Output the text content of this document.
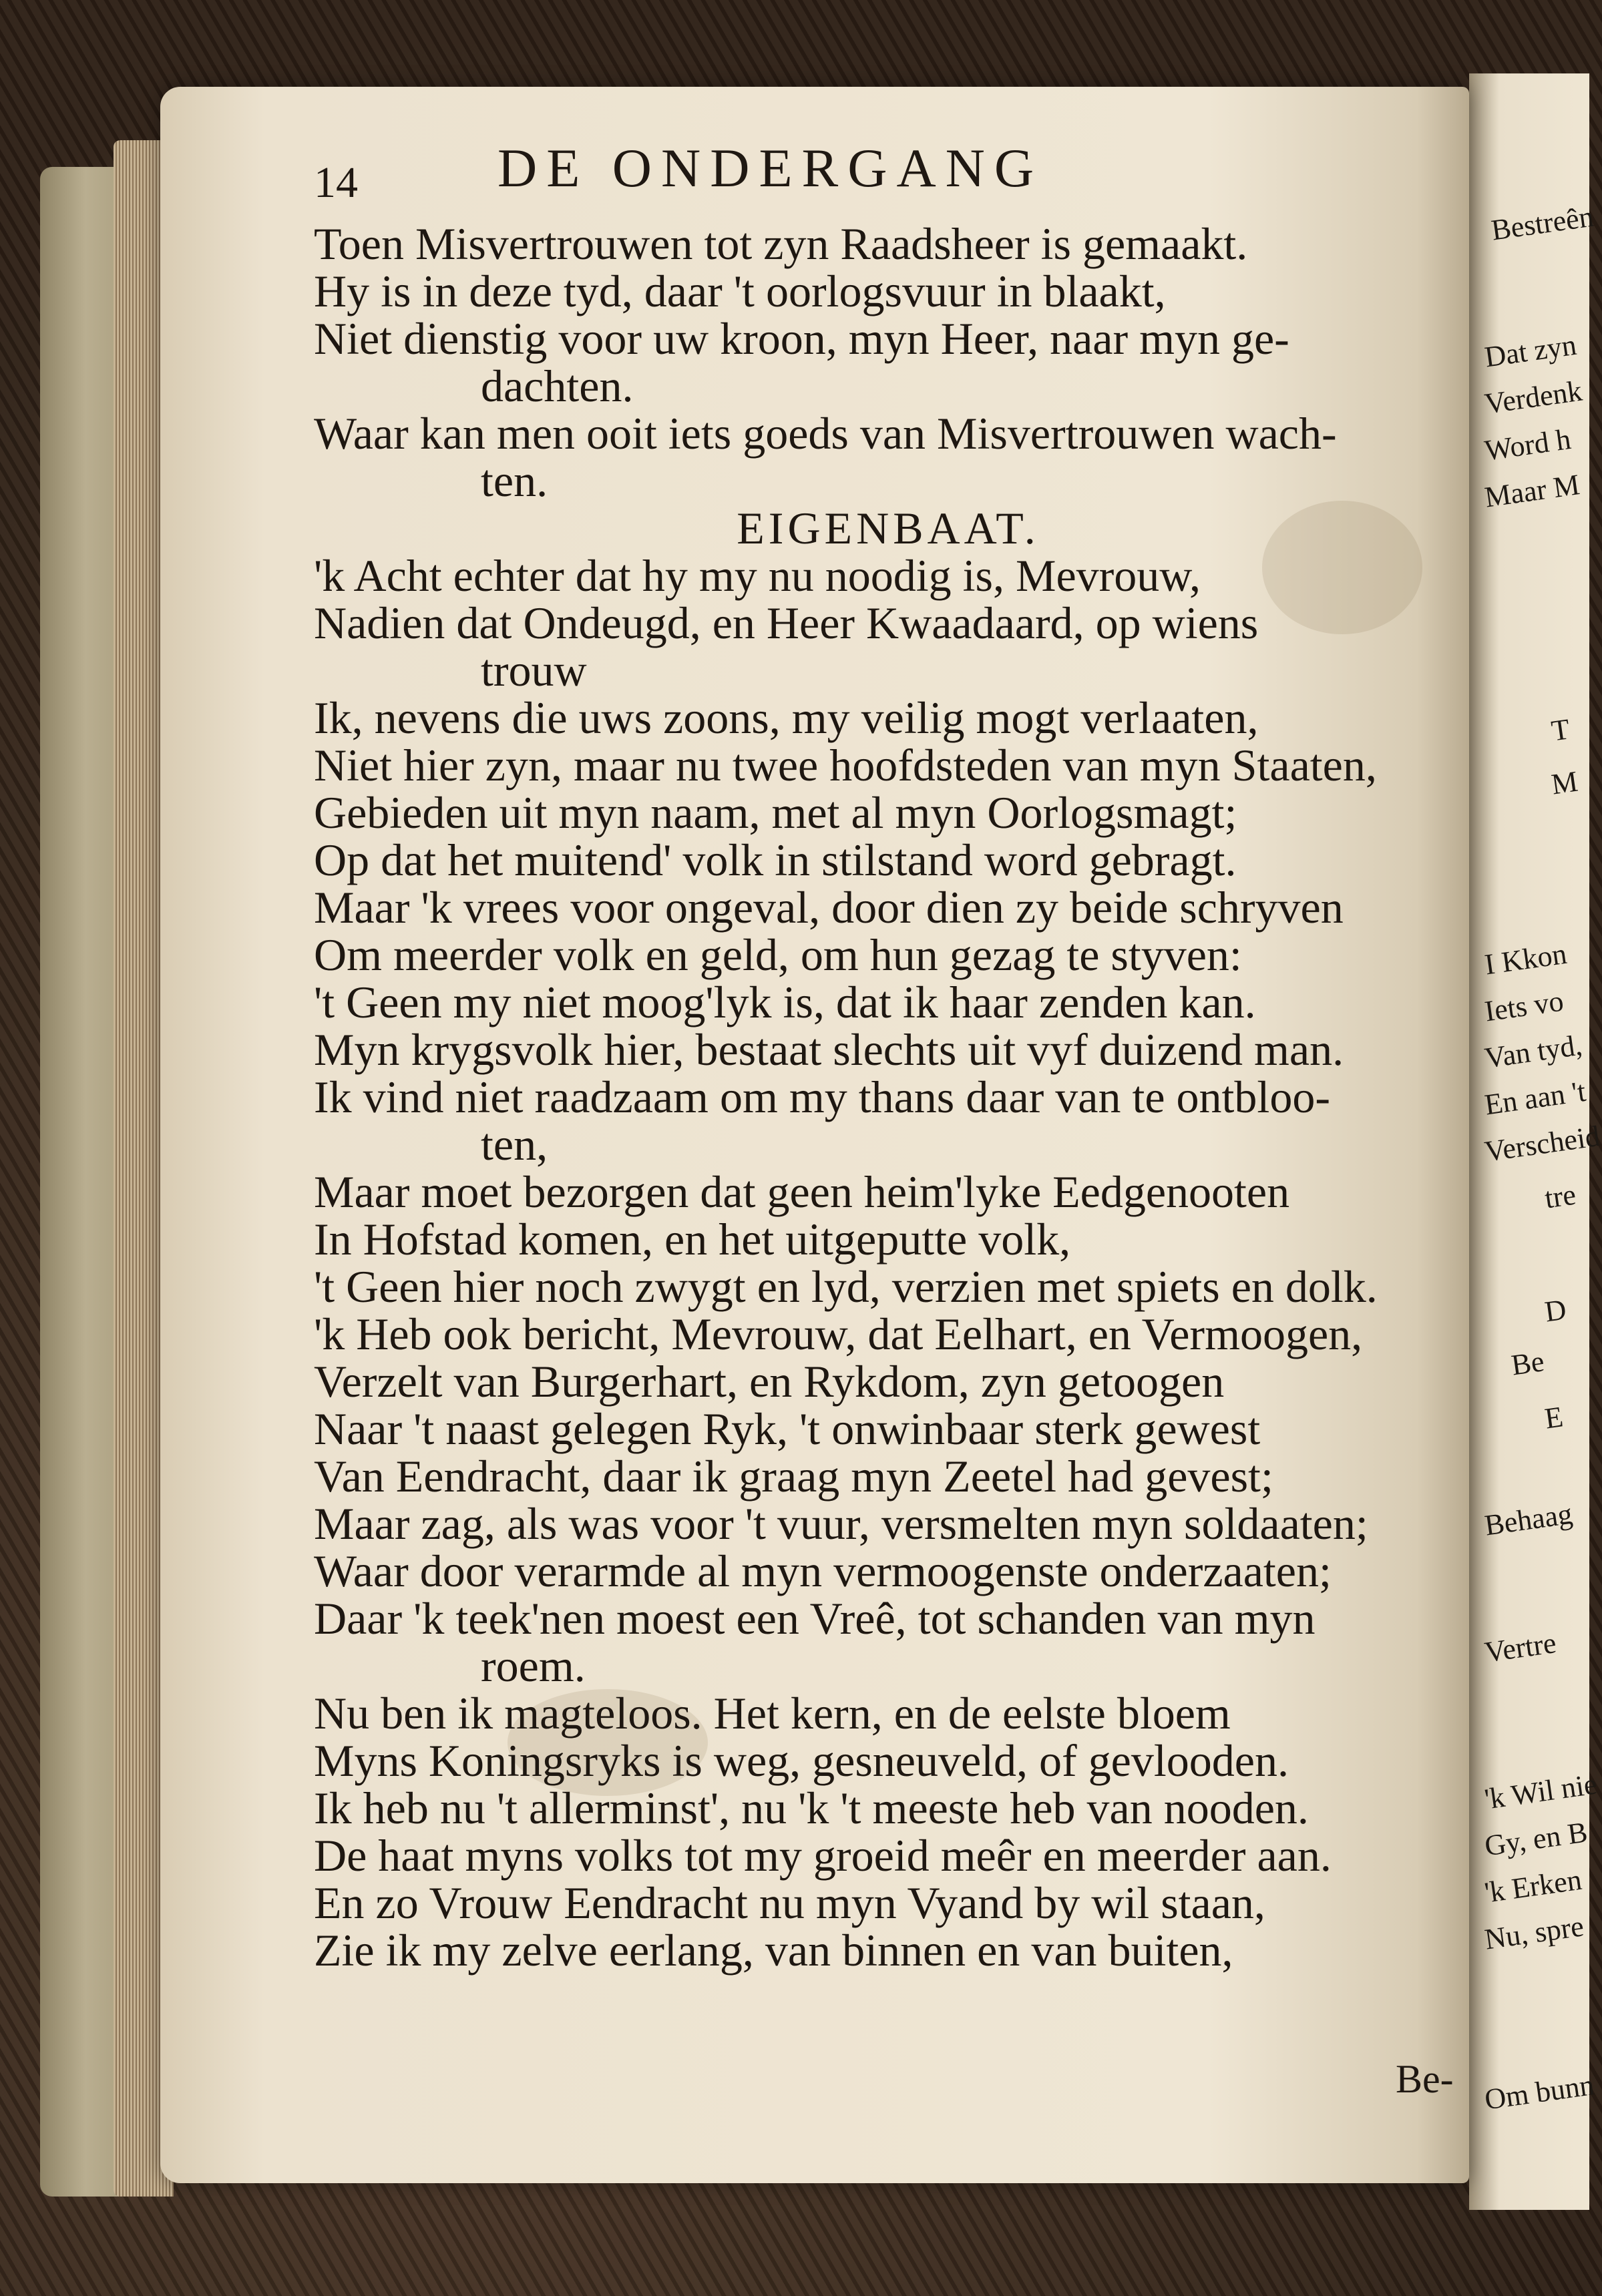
Bestreên
Dat zyn
Verdenk
Word h
Maar M
T
M
I Kkon
Iets vo
Van tyd,
En aan 't
Verscheid
tre
D
Be
E
Behaag
Vertre
'k Wil nie
Gy, en B
'k Erken
Nu, spre
Om bunn
14	DE ONDERGANG
Toen Misvertrouwen tot zyn Raadsheer is gemaakt.
Hy is in deze tyd, daar 't oorlogsvuur in blaakt,
Niet dienstig voor uw kroon, myn Heer, naar myn ge-
dachten.
Waar kan men ooit iets goeds van Misvertrouwen wach-
ten.
EIGENBAAT.
'k Acht echter dat hy my nu noodig is, Mevrouw,
Nadien dat Ondeugd, en Heer Kwaadaard, op wiens
trouw
Ik, nevens die uws zoons, my veilig mogt verlaaten,
Niet hier zyn, maar nu twee hoofdsteden van myn Staaten,
Gebieden uit myn naam, met al myn Oorlogsmagt;
Op dat het muitend' volk in stilstand word gebragt.
Maar 'k vrees voor ongeval, door dien zy beide schryven
Om meerder volk en geld, om hun gezag te styven:
't Geen my niet moog'lyk is, dat ik haar zenden kan.
Myn krygsvolk hier, bestaat slechts uit vyf duizend man.
Ik vind niet raadzaam om my thans daar van te ontbloo-
ten,
Maar moet bezorgen dat geen heim'lyke Eedgenooten
In Hofstad komen, en het uitgeputte volk,
't Geen hier noch zwygt en lyd, verzien met spiets en dolk.
'k Heb ook bericht, Mevrouw, dat Eelhart, en Vermoogen,
Verzelt van Burgerhart, en Rykdom, zyn getoogen
Naar 't naast gelegen Ryk, 't onwinbaar sterk gewest
Van Eendracht, daar ik graag myn Zeetel had gevest;
Maar zag, als was voor 't vuur, versmelten myn soldaaten;
Waar door verarmde al myn vermoogenste onderzaaten;
Daar 'k teek'nen moest een Vreê, tot schanden van myn
roem.
Nu ben ik magteloos. Het kern, en de eelste bloem
Myns Koningsryks is weg, gesneuveld, of gevlooden.
Ik heb nu 't allerminst', nu 'k 't meeste heb van nooden.
De haat myns volks tot my groeid meêr en meerder aan.
En zo Vrouw Eendracht nu myn Vyand by wil staan,
Zie ik my zelve eerlang, van binnen en van buiten,
Be-
